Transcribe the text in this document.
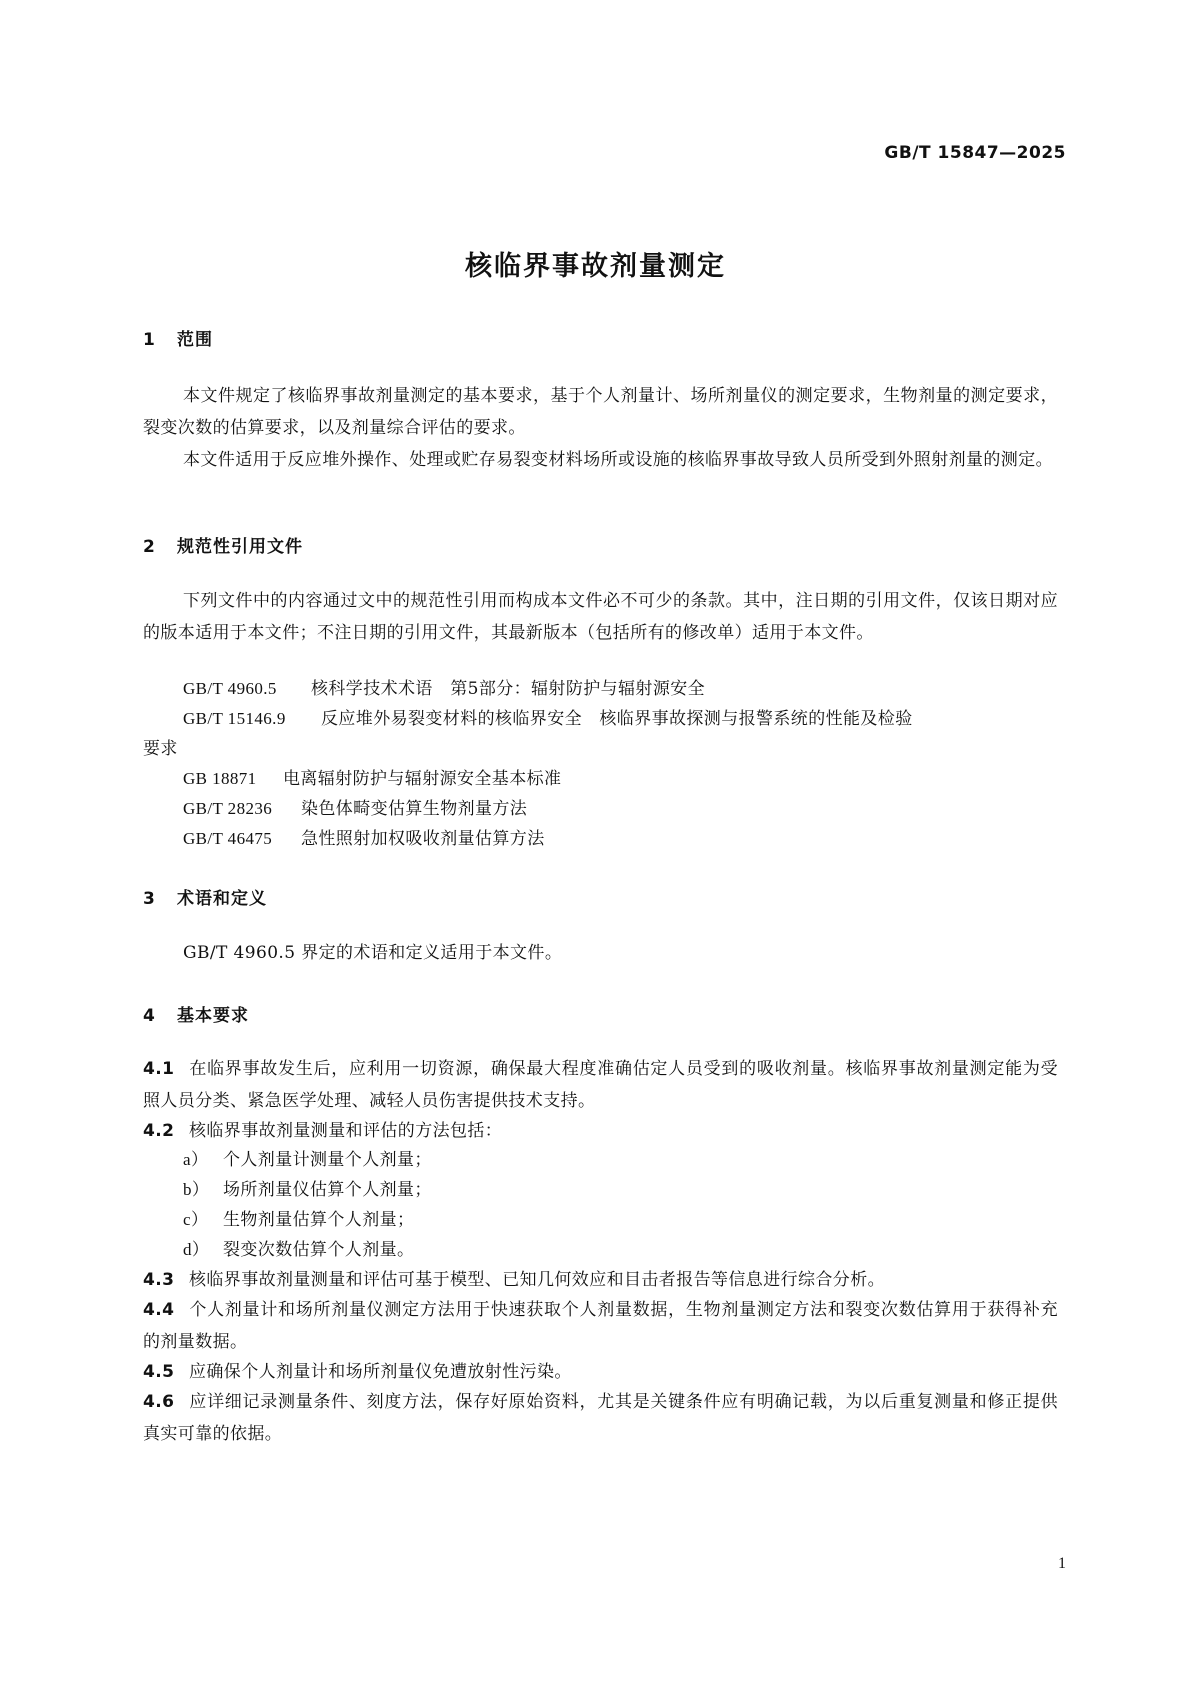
GB/T 15847—2025
核临界事故剂量测定
1 范围
本文件规定了核临界事故剂量测定的基本要求，基于个人剂量计、场所剂量仪的测定要求，生物剂量的测定要求，裂变次数的估算要求，以及剂量综合评估的要求。
本文件适用于反应堆外操作、处理或贮存易裂变材料场所或设施的核临界事故导致人员所受到外照射剂量的测定。
2 规范性引用文件
下列文件中的内容通过文中的规范性引用而构成本文件必不可少的条款。其中，注日期的引用文件，仅该日期对应的版本适用于本文件；不注日期的引用文件，其最新版本（包括所有的修改单）适用于本文件。
GB/T 4960.5 核科学技术术语　第5部分：辐射防护与辐射源安全
GB/T 15146.9 反应堆外易裂变材料的核临界安全　核临界事故探测与报警系统的性能及检验
要求
GB 18871 电离辐射防护与辐射源安全基本标准
GB/T 28236 染色体畸变估算生物剂量方法
GB/T 46475 急性照射加权吸收剂量估算方法
3 术语和定义
GB/T 4960.5 界定的术语和定义适用于本文件。
4 基本要求
4.1 在临界事故发生后，应利用一切资源，确保最大程度准确估定人员受到的吸收剂量。核临界事故剂量测定能为受照人员分类、紧急医学处理、减轻人员伤害提供技术支持。
4.2 核临界事故剂量测量和评估的方法包括：
a） 个人剂量计测量个人剂量；
b） 场所剂量仪估算个人剂量；
c） 生物剂量估算个人剂量；
d） 裂变次数估算个人剂量。
4.3 核临界事故剂量测量和评估可基于模型、已知几何效应和目击者报告等信息进行综合分析。
4.4 个人剂量计和场所剂量仪测定方法用于快速获取个人剂量数据，生物剂量测定方法和裂变次数估算用于获得补充的剂量数据。
4.5 应确保个人剂量计和场所剂量仪免遭放射性污染。
4.6 应详细记录测量条件、刻度方法，保存好原始资料，尤其是关键条件应有明确记载，为以后重复测量和修正提供真实可靠的依据。
1
